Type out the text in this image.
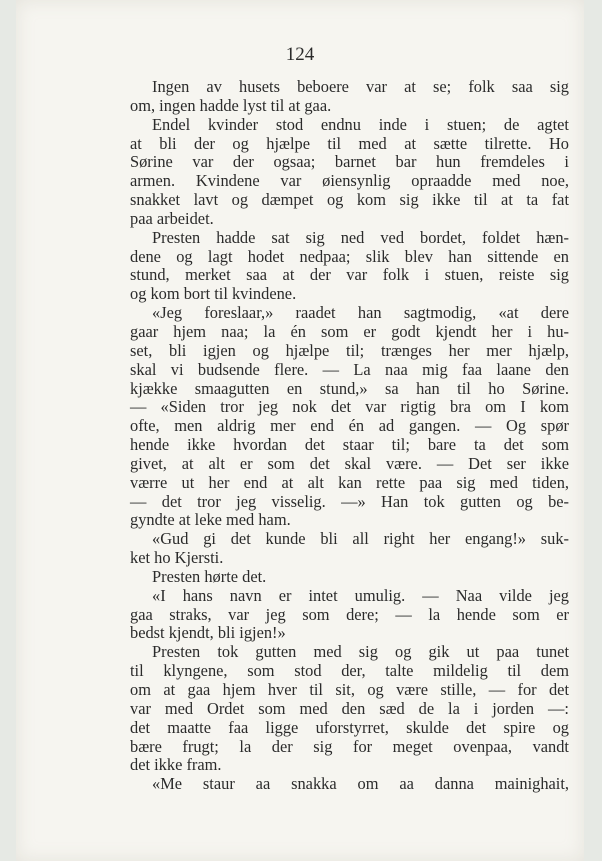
124
Ingen av husets beboere var at se; folk saa sig
om, ingen hadde lyst til at gaa.
Endel kvinder stod endnu inde i stuen; de agtet
at bli der og hjælpe til med at sætte tilrette. Ho
Sørine var der ogsaa; barnet bar hun fremdeles i
armen. Kvindene var øiensynlig opraadde med noe,
snakket lavt og dæmpet og kom sig ikke til at ta fat
paa arbeidet.
Presten hadde sat sig ned ved bordet, foldet hæn-
dene og lagt hodet nedpaa; slik blev han sittende en
stund, merket saa at der var folk i stuen, reiste sig
og kom bort til kvindene.
«Jeg foreslaar,» raadet han sagtmodig, «at dere
gaar hjem naa; la én som er godt kjendt her i hu-
set, bli igjen og hjælpe til; trænges her mer hjælp,
skal vi budsende flere. — La naa mig faa laane den
kjække smaagutten en stund,» sa han til ho Sørine.
— «Siden tror jeg nok det var rigtig bra om I kom
ofte, men aldrig mer end én ad gangen. — Og spør
hende ikke hvordan det staar til; bare ta det som
givet, at alt er som det skal være. — Det ser ikke
værre ut her end at alt kan rette paa sig med tiden,
— det tror jeg visselig. —» Han tok gutten og be-
gyndte at leke med ham.
«Gud gi det kunde bli all right her engang!» suk-
ket ho Kjersti.
Presten hørte det.
«I hans navn er intet umulig. — Naa vilde jeg
gaa straks, var jeg som dere; — la hende som er
bedst kjendt, bli igjen!»
Presten tok gutten med sig og gik ut paa tunet
til klyngene, som stod der, talte mildelig til dem
om at gaa hjem hver til sit, og være stille, — for det
var med Ordet som med den sæd de la i jorden —:
det maatte faa ligge uforstyrret, skulde det spire og
bære frugt; la der sig for meget ovenpaa, vandt
det ikke fram.
«Me staur aa snakka om aa danna mainighait,
